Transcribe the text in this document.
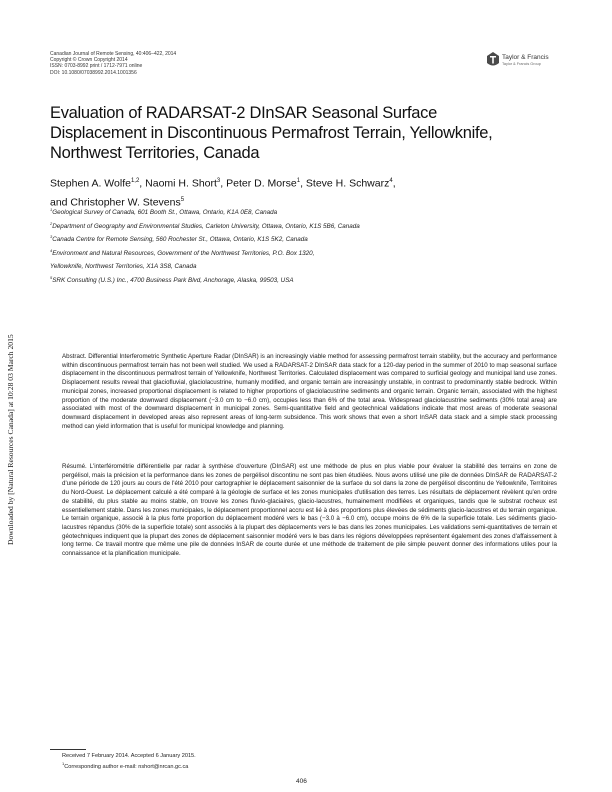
Canadian Journal of Remote Sensing, 40:406–422, 2014
Copyright © Crown Copyright 2014
ISSN: 0703-8992 print / 1712-7971 online
DOI: 10.1080/07038992.2014.1001356
Taylor & Francis
Taylor & Francis Group
Evaluation of RADARSAT-2 DInSAR Seasonal Surface Displacement in Discontinuous Permafrost Terrain, Yellowknife, Northwest Territories, Canada
Stephen A. Wolfe$^{1,2}$, Naomi H. Short$^3$, Peter D. Morse$^1$, Steve H. Schwarz$^4$,
and Christopher W. Stevens$^5$
$^1$Geological Survey of Canada, 601 Booth St., Ottawa, Ontario, K1A 0E8, Canada
$^2$Department of Geography and Environmental Studies, Carleton University, Ottawa, Ontario, K1S 5B6, Canada
$^3$Canada Centre for Remote Sensing, 560 Rochester St., Ottawa, Ontario, K1S 5K2, Canada
$^4$Environment and Natural Resources, Government of the Northwest Territories, P.O. Box 1320,
Yellowknife, Northwest Territories, X1A 3S8, Canada
$^5$SRK Consulting (U.S.) Inc., 4700 Business Park Blvd, Anchorage, Alaska, 99503, USA
Downloaded by [Natural Resources Canada] at 10:28 03 March 2015	Abstract. Differential Interferometric Synthetic Aperture Radar (DInSAR) is an increasingly viable method for assessing permafrost terrain stability, but the accuracy and performance within discontinuous permafrost terrain has not been well studied. We used a RADARSAT-2 DInSAR data stack for a 120-day period in the summer of 2010 to map seasonal surface displacement in the discontinuous permafrost terrain of Yellowknife, Northwest Territories. Calculated displacement was compared to surficial geology and municipal land use zones. Displacement results reveal that glaciofluvial, glaciolacustrine, humanly modified, and organic terrain are increasingly unstable, in contrast to predominantly stable bedrock. Within municipal zones, increased proportional displacement is related to higher proportions of glaciolacustrine sediments and organic terrain. Organic terrain, associated with the highest proportion of the moderate downward displacement (−3.0 cm to −6.0 cm), occupies less than 6% of the total area. Widespread glaciolacustrine sediments (30% total area) are associated with most of the downward displacement in municipal zones. Semi-quantitative field and geotechnical validations indicate that most areas of moderate seasonal downward displacement in developed areas also represent areas of long-term subsidence. This work shows that even a short InSAR data stack and a simple stack processing method can yield information that is useful for municipal knowledge and planning.

Résumé. L'interférométrie différentielle par radar à synthèse d'ouverture (DInSAR) est une méthode de plus en plus viable pour évaluer la stabilité des terrains en zone de pergélisol, mais la précision et la performance dans les zones de pergélisol discontinu ne sont pas bien étudiées. Nous avons utilisé une pile de données DInSAR de RADARSAT-2 d'une période de 120 jours au cours de l'été 2010 pour cartographier le déplacement saisonnier de la surface du sol dans la zone de pergélisol discontinu de Yellowknife, Territoires du Nord-Ouest. Le déplacement calculé a été comparé à la géologie de surface et les zones municipales d'utilisation des terres. Les résultats de déplacement révèlent qu'en ordre de stabilité, du plus stable au moins stable, on trouve les zones fluvio-glaciaires, glacio-lacustres, humainement modifiées et organiques, tandis que le substrat rocheux est essentiellement stable. Dans les zones municipales, le déplacement proportionnel accru est lié à des proportions plus élevées de sédiments glacio-lacustres et du terrain organique. Le terrain organique, associé à la plus forte proportion du déplacement modéré vers le bas (−3.0 à −6.0 cm), occupe moins de 6% de la superficie totale. Les sédiments glacio-lacustres répandus (30% de la superficie totale) sont associés à la plupart des déplacements vers le bas dans les zones municipales. Les validations semi-quantitatives de terrain et géotechniques indiquent que la plupart des zones de déplacement saisonnier modéré vers le bas dans les régions développées représentent également des zones d'affaissement à long terme. Ce travail montre que même une pile de données InSAR de courte durée et une méthode de traitement de pile simple peuvent donner des informations utiles pour la connaissance et la planification municipale.

Received 7 February 2014. Accepted 6 January 2015.
$^1$Corresponding author e-mail: nshort@nrcan.gc.ca
406
